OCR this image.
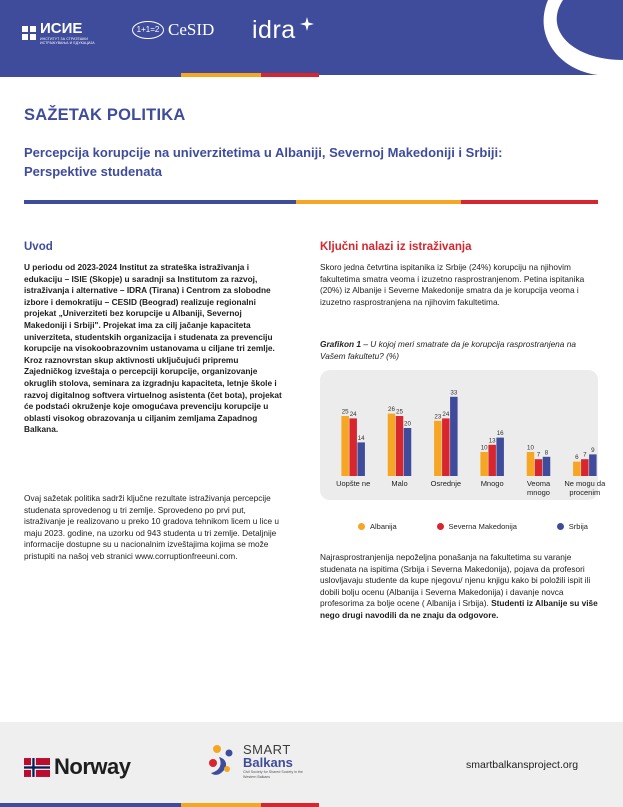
ИСИЕ
ИНСТИТУТ ЗА СТРАТЕШКИ ИСТРАЖУВАЊА И ЕДУКАЦИЈА
1+1=2 CeSID idra
SAŽETAK POLITIKA
Percepcija korupcije na univerzitetima u Albaniji, Severnoj Makedoniji i Srbiji: Perspektive studenata
Uvod
U periodu od 2023-2024 Institut za strateška istraživanja i edukaciju – ISIE (Skopje) u saradnji sa Institutom za razvoj, istraživanja i alternative – IDRA (Tirana) i Centrom za slobodne izbore i demokratiju – CESID (Beograd) realizuje regionalni projekat „Univerziteti bez korupcije u Albaniji, Severnoj Makedoniji i Srbiji". Projekat ima za cilj jačanje kapaciteta univerziteta, studentskih organizacija i studenata za prevenciju korupcije na visokoobrazovnim ustanovama u ciljane tri zemlje. Kroz raznovrstan skup aktivnosti uključujući pripremu Zajedničkog izveštaja o percepciji korupcije, organizovanje okruglih stolova, seminara za izgradnju kapaciteta, letnje škole i razvoj digitalnog softvera virtuelnog asistenta (čet bota), projekat će podstaći okruženje koje omogućava prevenciju korupcije u oblasti visokog obrazovanja u ciljanim zemljama Zapadnog Balkana.
Ovaj sažetak politika sadrži ključne rezultate istraživanja percepcije studenata sprovedenog u tri zemlje. Sprovedeno po prvi put, istraživanje je realizovano u preko 10 gradova tehnikom licem u lice u maju 2023. godine, na uzorku od 943 studenta u tri zemlje. Detaljnije informacije dostupne su u nacionalnim izveštajima kojima se može pristupiti na našoj veb stranici www.corruptionfreeuni.com.
Ključni nalazi iz istraživanja
Skoro jedna četvrtina ispitanika iz Srbije (24%) korupciju na njihovim fakultetima smatra veoma i izuzetno rasprostranjenom. Petina ispitanika (20%) iz Albanije i Severne Makedonije smatra da je korupcija veoma i izuzetno rasprostranjena na njihovim fakultetima.
Grafikon 1 – U kojoj meri smatrate da je korupcija rasprostranjena na Vašem fakultetu? (%)
25 24
14
Uopšte ne
26 25
20
Malo
23 24
33
Osrednje
10
13
16
Mnogo
10
7 8
Veoma
mnogo
6 7
9
Ne mogu da
procenim
Albanija	Severna Makedonija	Srbija
Najrasprostranjenija nepoželjna ponašanja na fakultetima su varanje studenata na ispitima (Srbija i Severna Makedonija), pojava da profesori uslovljavaju studente da kupe njegovu/ njenu knjigu kako bi položili ispit ili dobili bolju ocenu (Albanija i Severna Makedonija) i davanje novca profesorima za bolje ocene ( Albanija i Srbija). Studenti iz Albanije su više nego drugi navodili da ne znaju da odgovore.
Norway
SMART
Balkans
Civil Society for Shared Society in the Western Balkans
smartbalkansproject.org
